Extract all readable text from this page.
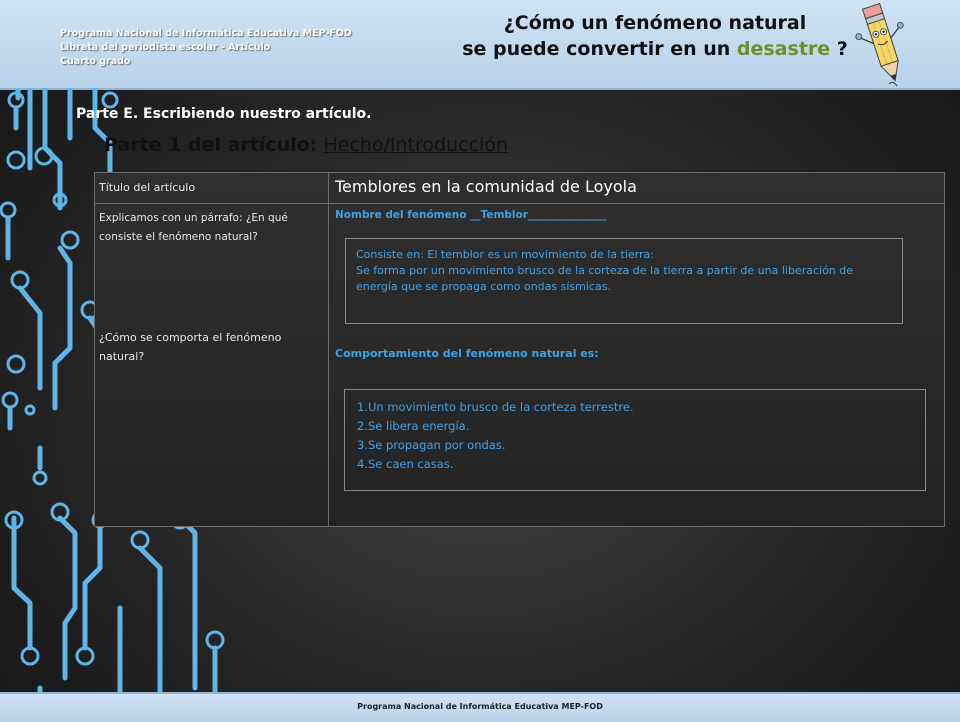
Programa Nacional de Informática Educativa MEP-FOD
Libreta del periodista escolar - Artículo
Cuarto grado
¿Cómo un fenómeno natural
se puede convertir en un desastre ?
Parte E. Escribiendo nuestro artículo.
Parte 1 del artículo: Hecho/Introducción
Título del artículo	Temblores en la comunidad de Loyola
Explicamos con un párrafo: ¿En qué consiste el fenómeno natural?
¿Cómo se comporta el fenómeno natural?
Nombre del fenómeno __Temblor_______________
Consiste en: El temblor es un movimiento de la tierra:
Se forma por un movimiento brusco de la corteza de la tierra a partir de una liberación de energía que se propaga como ondas sísmicas.
Comportamiento del fenómeno natural es:
1.Un movimiento brusco de la corteza terrestre.
2.Se libera energía.
3.Se propagan por ondas.
4.Se caen casas.
Programa Nacional de Informática Educativa MEP-FOD
